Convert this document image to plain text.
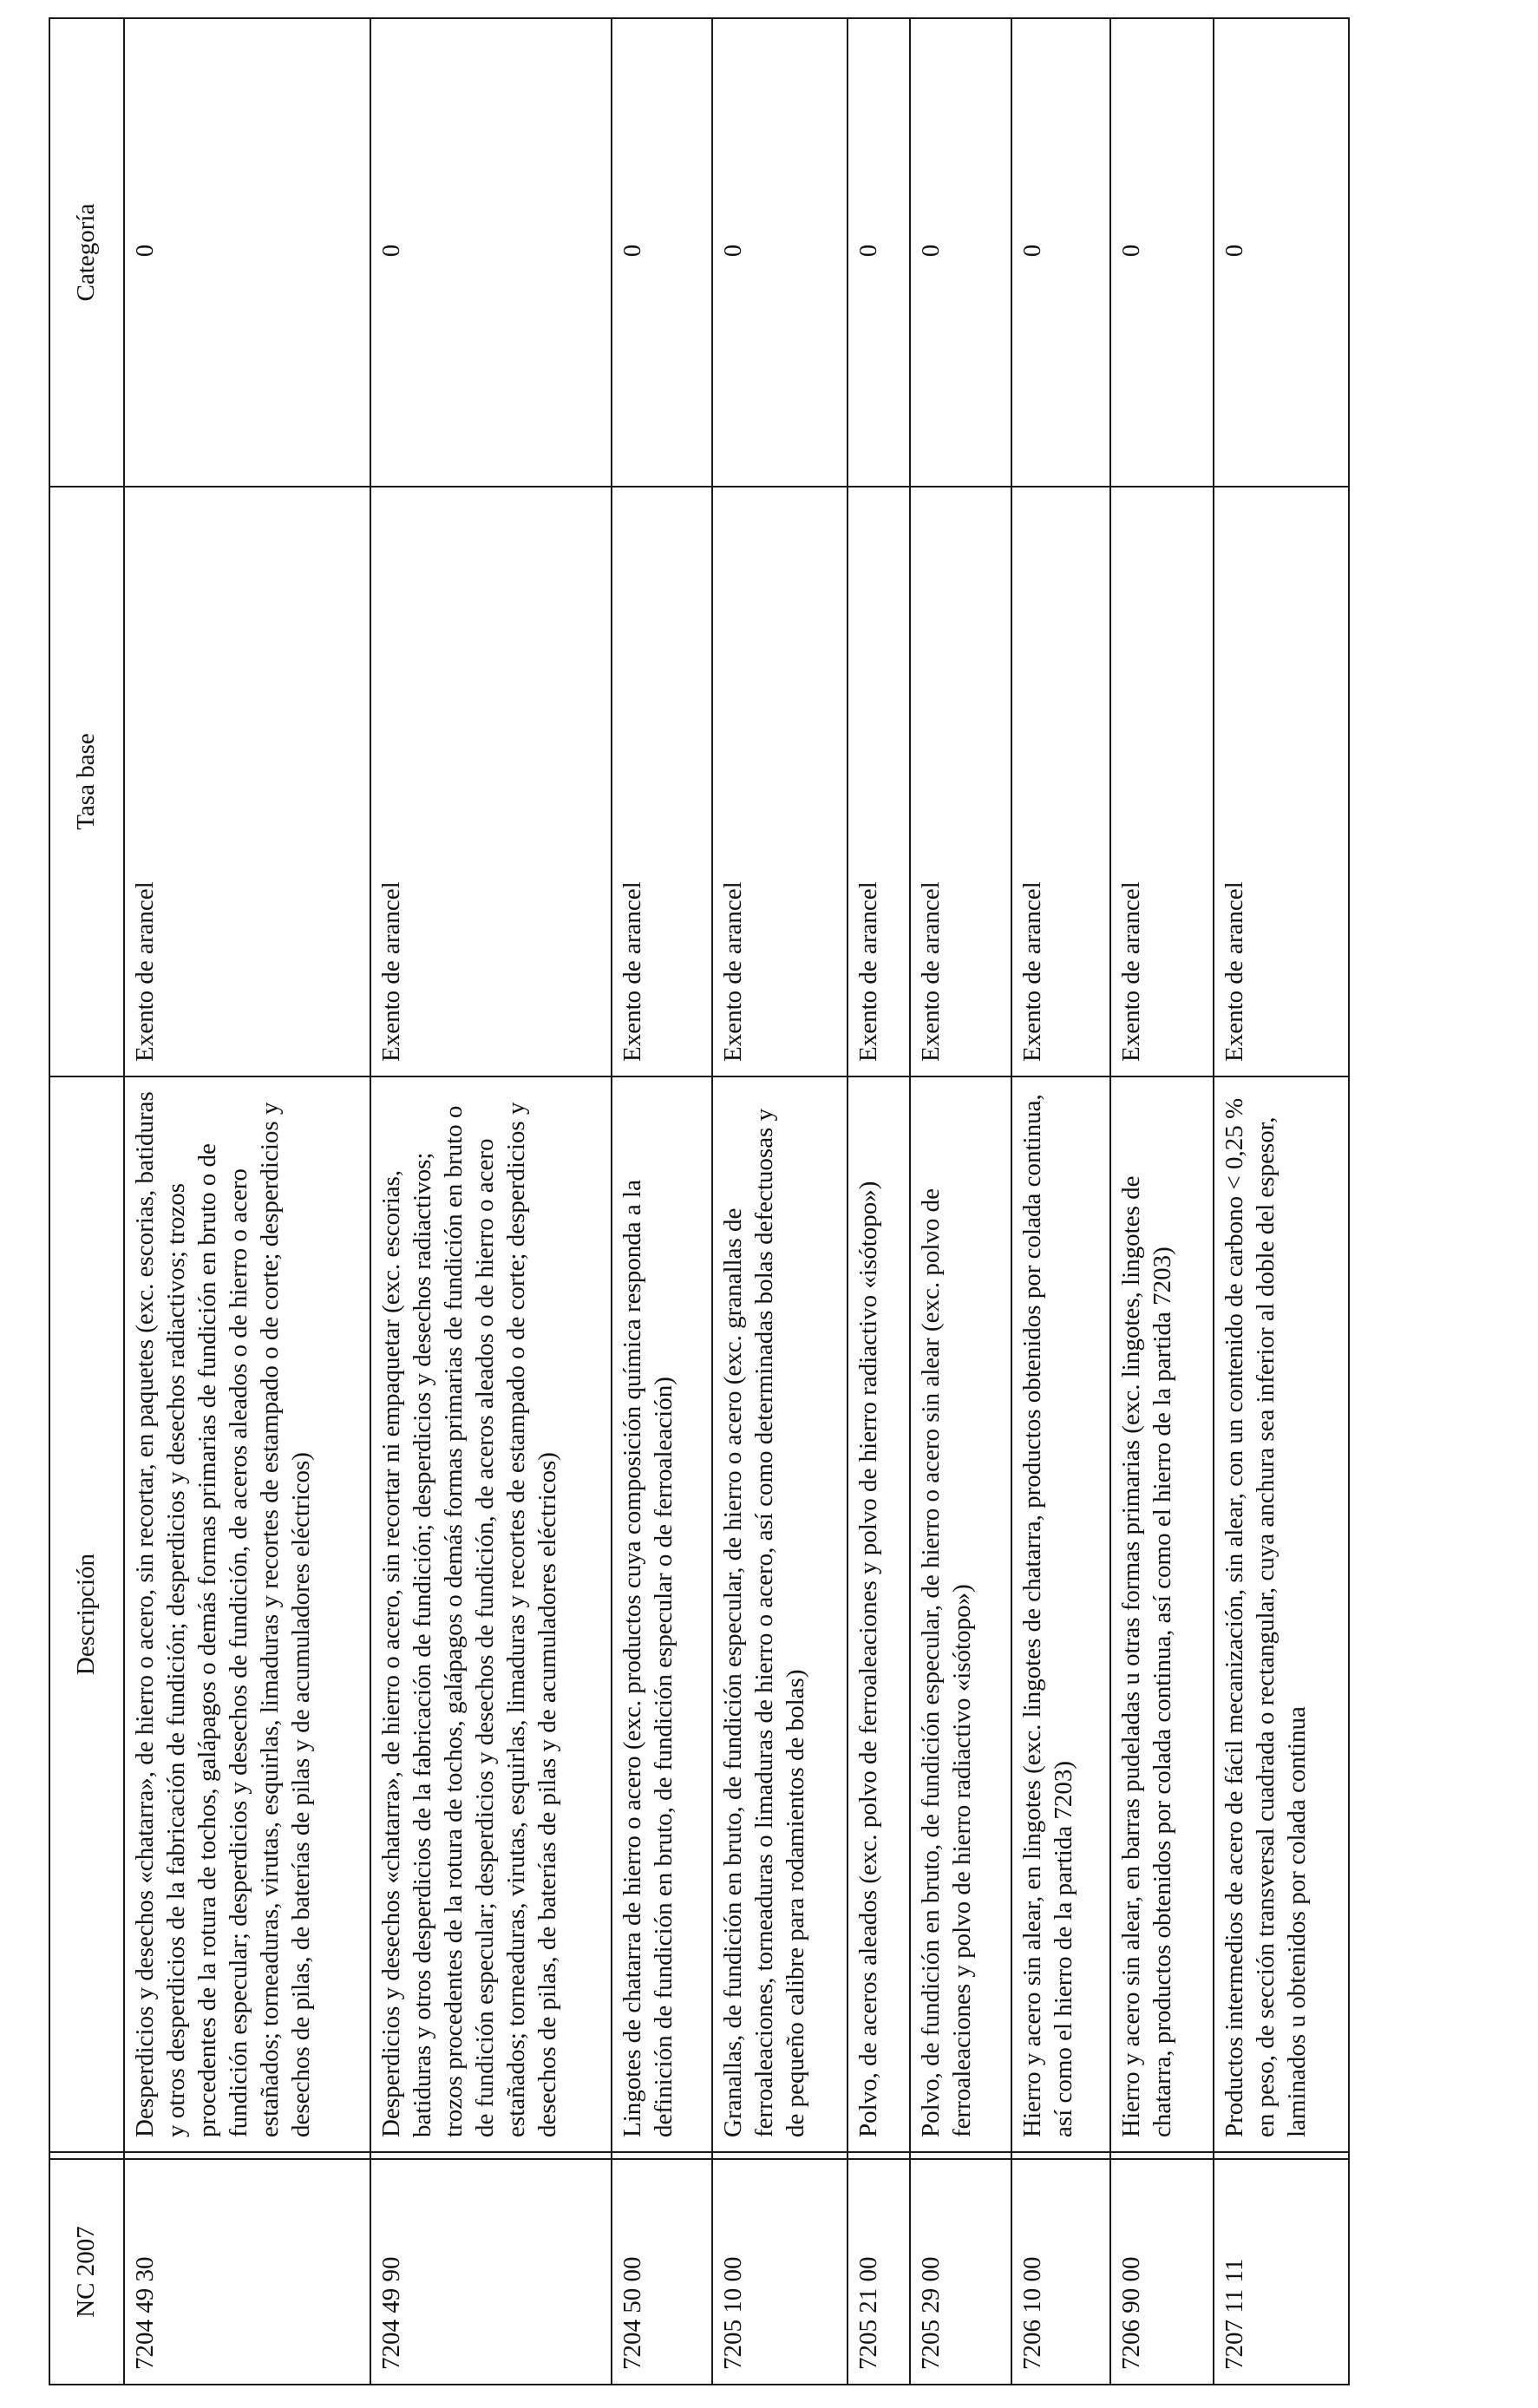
NC 2007		Descripción	Tasa base	Categoría
7204 49 30		Desperdicios y desechos «chatarra», de hierro o acero, sin recortar, en paquetes (exc. escorias, batiduras y otros desperdicios de la fabricación de fundición; desperdicios y desechos radiactivos; trozos procedentes de la rotura de tochos, galápagos o demás formas primarias de fundición en bruto o de fundición especular; desperdicios y desechos de fundición, de aceros aleados o de hierro o acero estañados; torneaduras, virutas, esquirlas, limaduras y recortes de estampado o de corte; desperdicios y desechos de pilas, de baterías de pilas y de acumuladores eléctricos)	Exento de arancel	0
7204 49 90		Desperdicios y desechos «chatarra», de hierro o acero, sin recortar ni empaquetar (exc. escorias, batiduras y otros desperdicios de la fabricación de fundición; desperdicios y desechos radiactivos; trozos procedentes de la rotura de tochos, galápagos o demás formas primarias de fundición en bruto o de fundición especular; desperdicios y desechos de fundición, de aceros aleados o de hierro o acero estañados; torneaduras, virutas, esquirlas, limaduras y recortes de estampado o de corte; desperdicios y desechos de pilas, de baterías de pilas y de acumuladores eléctricos)	Exento de arancel	0
7204 50 00		Lingotes de chatarra de hierro o acero (exc. productos cuya composición química responda a la definición de fundición en bruto, de fundición especular o de ferroaleación)	Exento de arancel	0
7205 10 00		Granallas, de fundición en bruto, de fundición especular, de hierro o acero (exc. granallas de ferroaleaciones, torneaduras o limaduras de hierro o acero, así como determinadas bolas defectuosas y de pequeño calibre para rodamientos de bolas)	Exento de arancel	0
7205 21 00		Polvo, de aceros aleados (exc. polvo de ferroaleaciones y polvo de hierro radiactivo «isótopo»)	Exento de arancel	0
7205 29 00		Polvo, de fundición en bruto, de fundición especular, de hierro o acero sin alear (exc. polvo de ferroaleaciones y polvo de hierro radiactivo «isótopo»)	Exento de arancel	0
7206 10 00		Hierro y acero sin alear, en lingotes (exc. lingotes de chatarra, productos obtenidos por colada continua, así como el hierro de la partida 7203)	Exento de arancel	0
7206 90 00		Hierro y acero sin alear, en barras pudeladas u otras formas primarias (exc. lingotes, lingotes de chatarra, productos obtenidos por colada continua, así como el hierro de la partida 7203)	Exento de arancel	0
7207 11 11		Productos intermedios de acero de fácil mecanización, sin alear, con un contenido de carbono < 0,25 % en peso, de sección transversal cuadrada o rectangular, cuya anchura sea inferior al doble del espesor, laminados u obtenidos por colada continua	Exento de arancel	0
